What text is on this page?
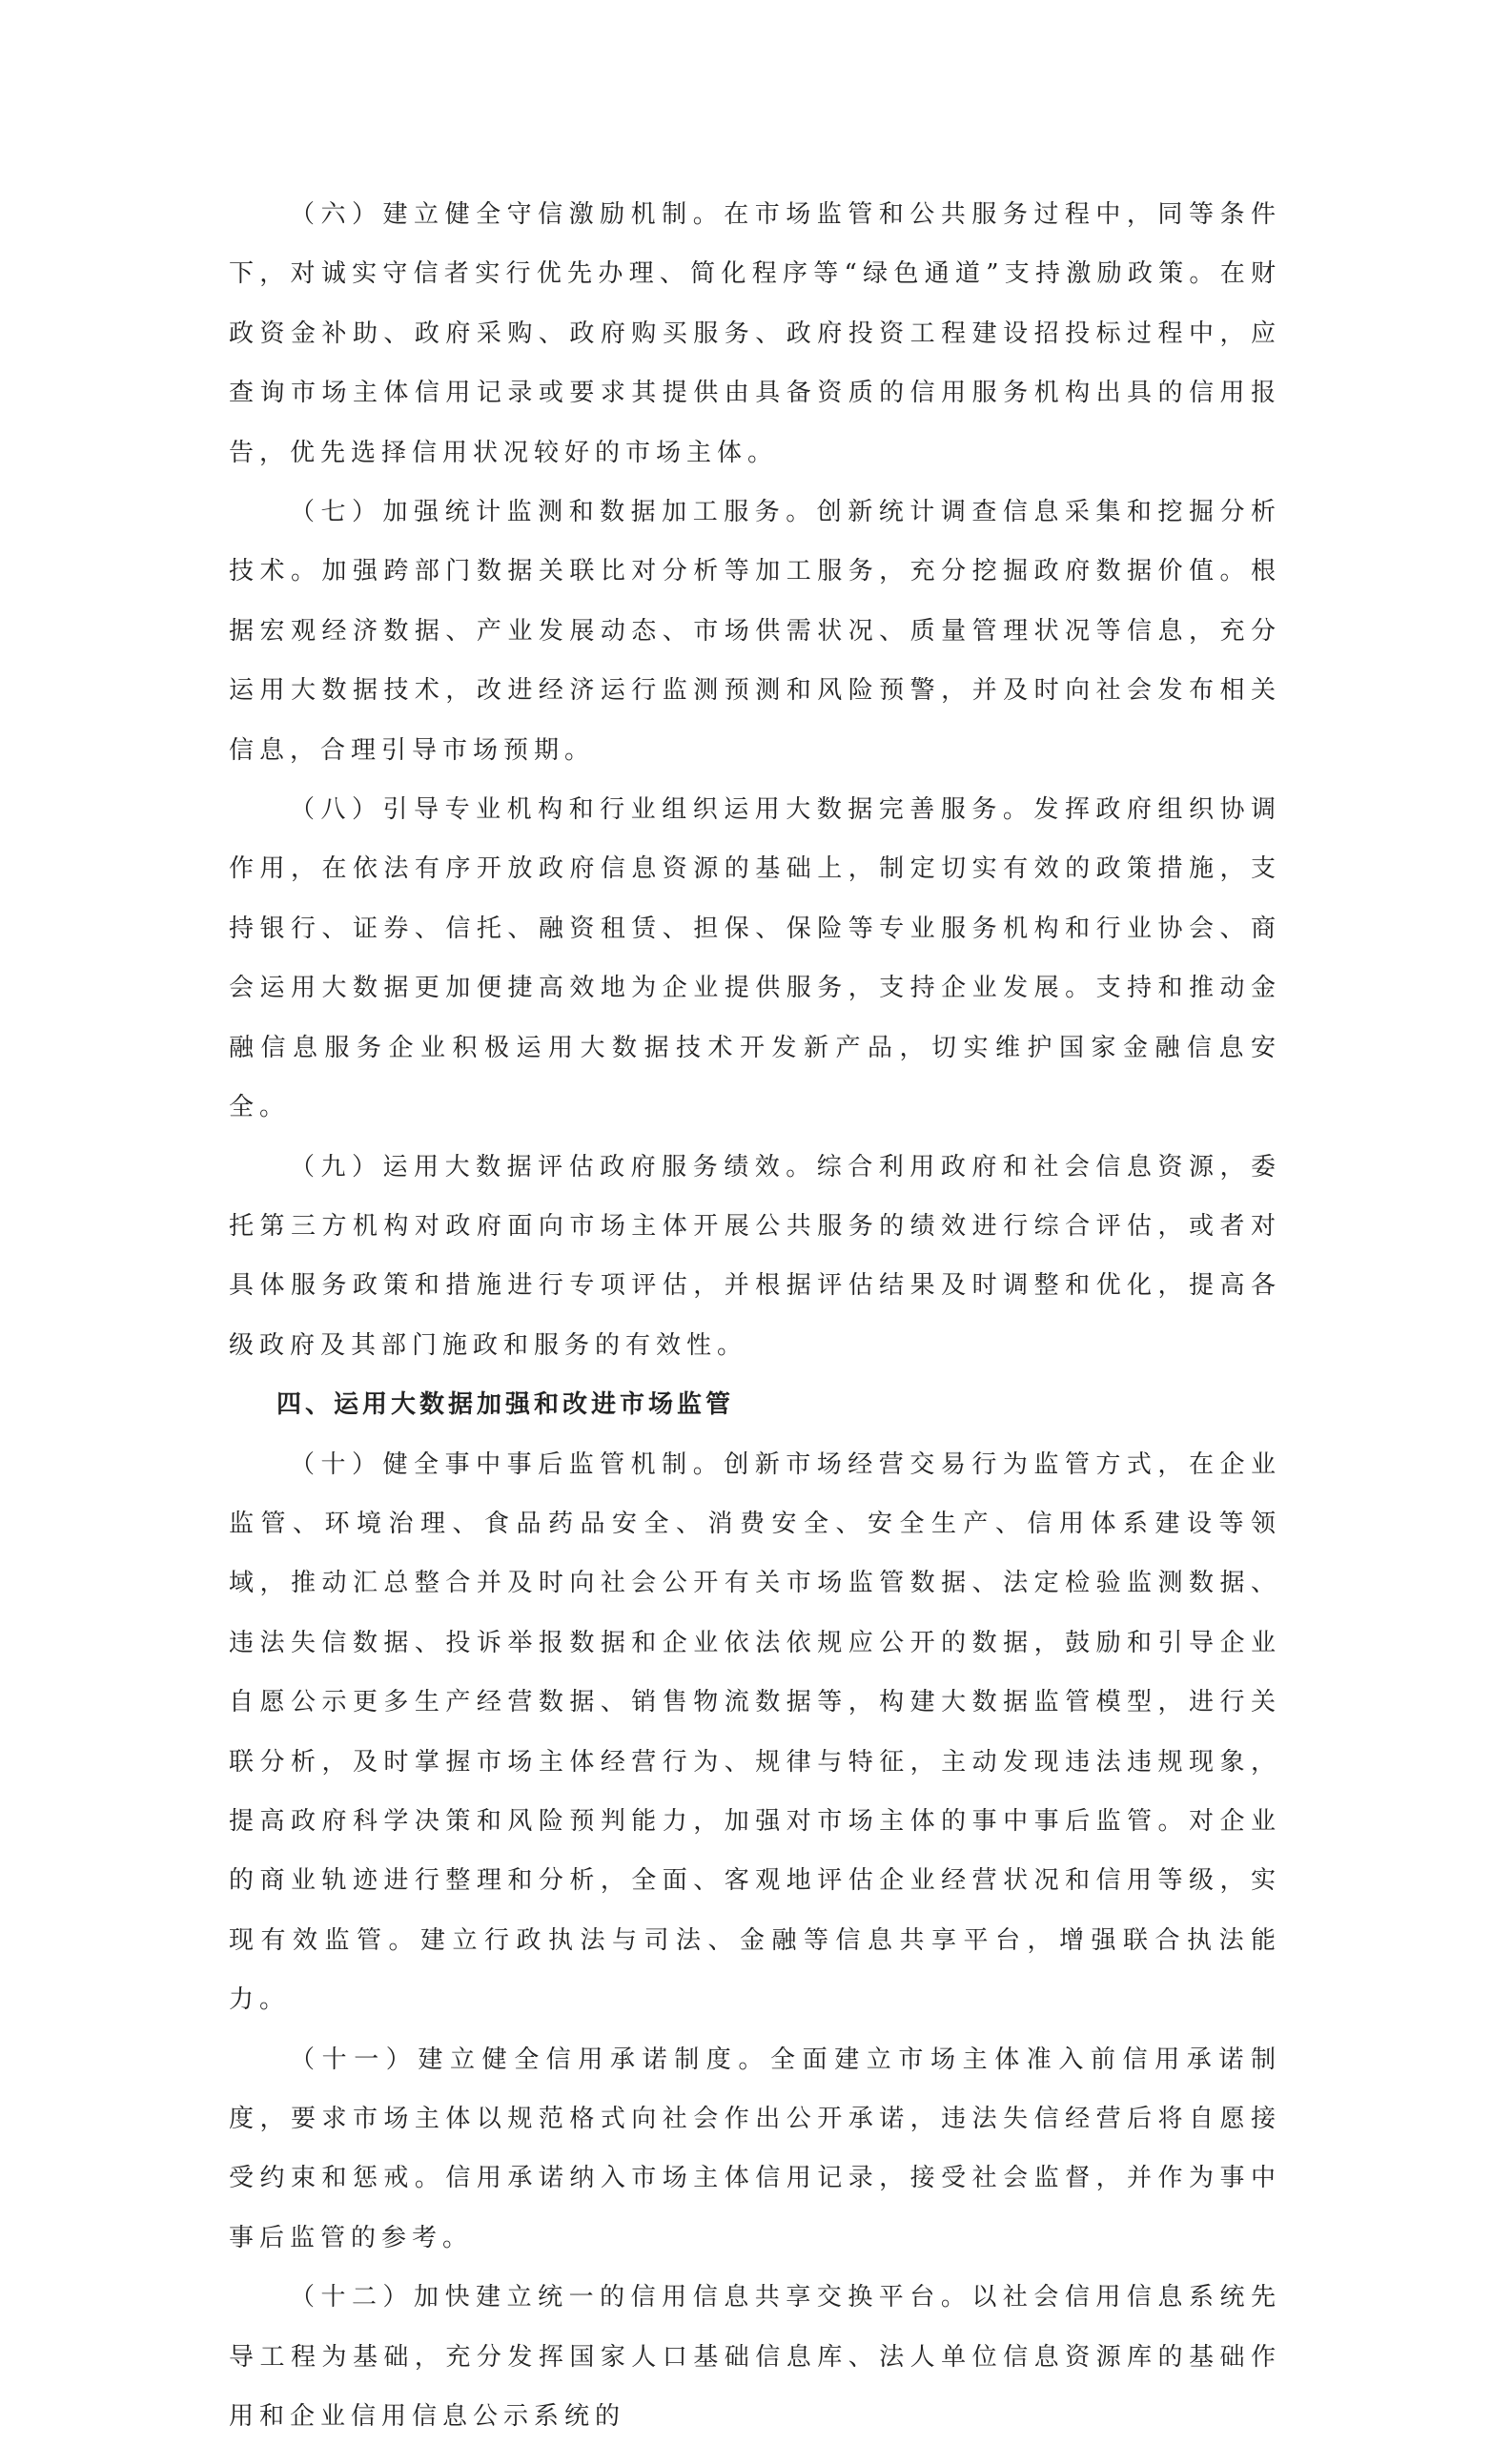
（六）建立健全守信激励机制。在市场监管和公共服务过程中，同等条件下，对诚实守信者实行优先办理、简化程序等“绿色通道”支持激励政策。在财政资金补助、政府采购、政府购买服务、政府投资工程建设招投标过程中，应查询市场主体信用记录或要求其提供由具备资质的信用服务机构出具的信用报告，优先选择信用状况较好的市场主体。

（七）加强统计监测和数据加工服务。创新统计调查信息采集和挖掘分析技术。加强跨部门数据关联比对分析等加工服务，充分挖掘政府数据价值。根据宏观经济数据、产业发展动态、市场供需状况、质量管理状况等信息，充分运用大数据技术，改进经济运行监测预测和风险预警，并及时向社会发布相关信息，合理引导市场预期。

（八）引导专业机构和行业组织运用大数据完善服务。发挥政府组织协调作用，在依法有序开放政府信息资源的基础上，制定切实有效的政策措施，支持银行、证券、信托、融资租赁、担保、保险等专业服务机构和行业协会、商会运用大数据更加便捷高效地为企业提供服务，支持企业发展。支持和推动金融信息服务企业积极运用大数据技术开发新产品，切实维护国家金融信息安全。

（九）运用大数据评估政府服务绩效。综合利用政府和社会信息资源，委托第三方机构对政府面向市场主体开展公共服务的绩效进行综合评估，或者对具体服务政策和措施进行专项评估，并根据评估结果及时调整和优化，提高各级政府及其部门施政和服务的有效性。

四、运用大数据加强和改进市场监管

（十）健全事中事后监管机制。创新市场经营交易行为监管方式，在企业监管、环境治理、食品药品安全、消费安全、安全生产、信用体系建设等领域，推动汇总整合并及时向社会公开有关市场监管数据、法定检验监测数据、违法失信数据、投诉举报数据和企业依法依规应公开的数据，鼓励和引导企业自愿公示更多生产经营数据、销售物流数据等，构建大数据监管模型，进行关联分析，及时掌握市场主体经营行为、规律与特征，主动发现违法违规现象，提高政府科学决策和风险预判能力，加强对市场主体的事中事后监管。对企业的商业轨迹进行整理和分析，全面、客观地评估企业经营状况和信用等级，实现有效监管。建立行政执法与司法、金融等信息共享平台，增强联合执法能力。

（十一）建立健全信用承诺制度。全面建立市场主体准入前信用承诺制度，要求市场主体以规范格式向社会作出公开承诺，违法失信经营后将自愿接受约束和惩戒。信用承诺纳入市场主体信用记录，接受社会监督，并作为事中事后监管的参考。

（十二）加快建立统一的信用信息共享交换平台。以社会信用信息系统先导工程为基础，充分发挥国家人口基础信息库、法人单位信息资源库的基础作用和企业信用信息公示系统的
